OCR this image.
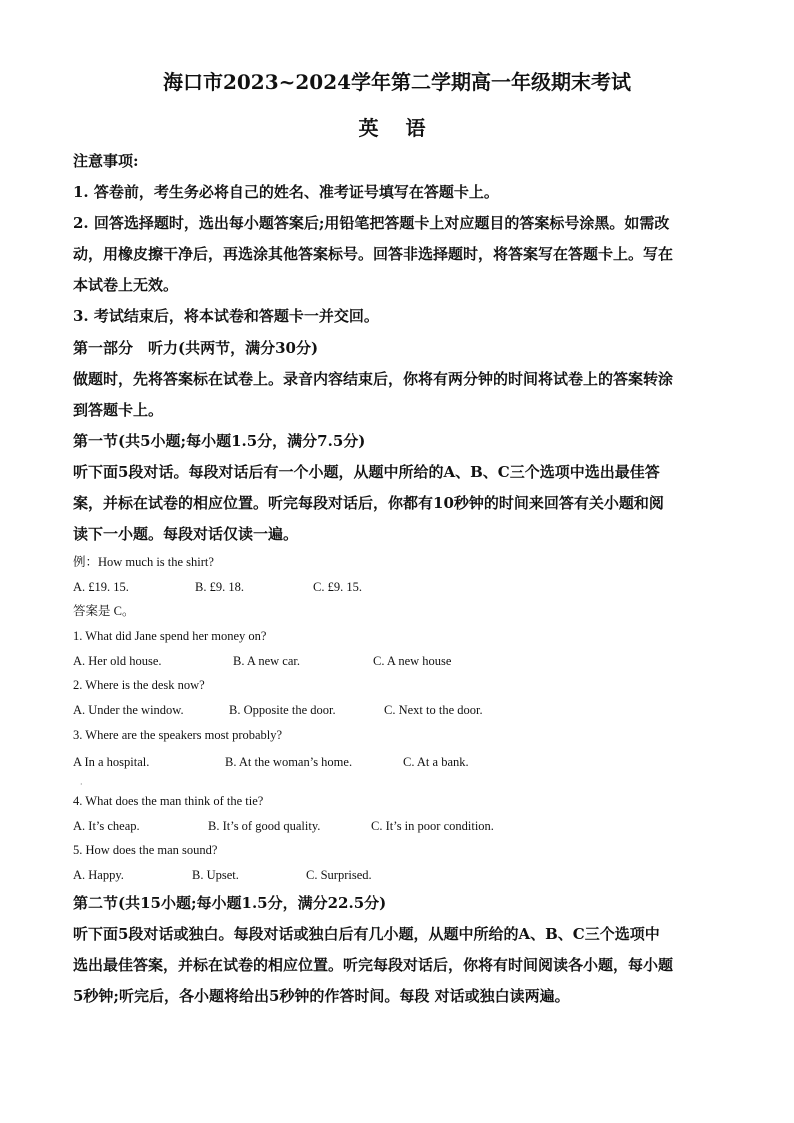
海口市2023~2024学年第二学期高一年级期末考试
英 语
注意事项:
1. 答卷前，考生务必将自己的姓名、准考证号填写在答题卡上。
2. 回答选择题时，选出每小题答案后;用铅笔把答题卡上对应题目的答案标号涂黑。如需改
动，用橡皮擦干净后，再选涂其他答案标号。回答非选择题时，将答案写在答题卡上。写在
本试卷上无效。
3. 考试结束后，将本试卷和答题卡一并交回。
第一部分　听力(共两节，满分30分)
做题时，先将答案标在试卷上。录音内容结束后，你将有两分钟的时间将试卷上的答案转涂
到答题卡上。
第一节(共5小题;每小题1.5分，满分7.5分)
听下面5段对话。每段对话后有一个小题，从题中所给的A、B、C三个选项中选出最佳答
案，并标在试卷的相应位置。听完每段对话后，你都有10秒钟的时间来回答有关小题和阅
读下一小题。每段对话仅读一遍。
例：How much is the shirt?
A. £19. 15.	B. £9. 18.	C. £9. 15.
答案是 C。
1. What did Jane spend her money on?
A. Her old house.	B. A new car.	C. A new house
2. Where is the desk now?
A. Under the window.	B. Opposite the door.	C. Next to the door.
3. Where are the speakers most probably?
A In a hospital.	B. At the woman’s home.	C. At a bank.
·
4. What does the man think of the tie?
A. It’s cheap.	B. It’s of good quality.	C. It’s in poor condition.
5. How does the man sound?
A. Happy.	B. Upset.	C. Surprised.
第二节(共15小题;每小题1.5分，满分22.5分)
听下面5段对话或独白。每段对话或独白后有几小题，从题中所给的A、B、C三个选项中
选出最佳答案，并标在试卷的相应位置。听完每段对话后，你将有时间阅读各小题，每小题
5秒钟;听完后，各小题将给出5秒钟的作答时间。每段 对话或独白读两遍。
